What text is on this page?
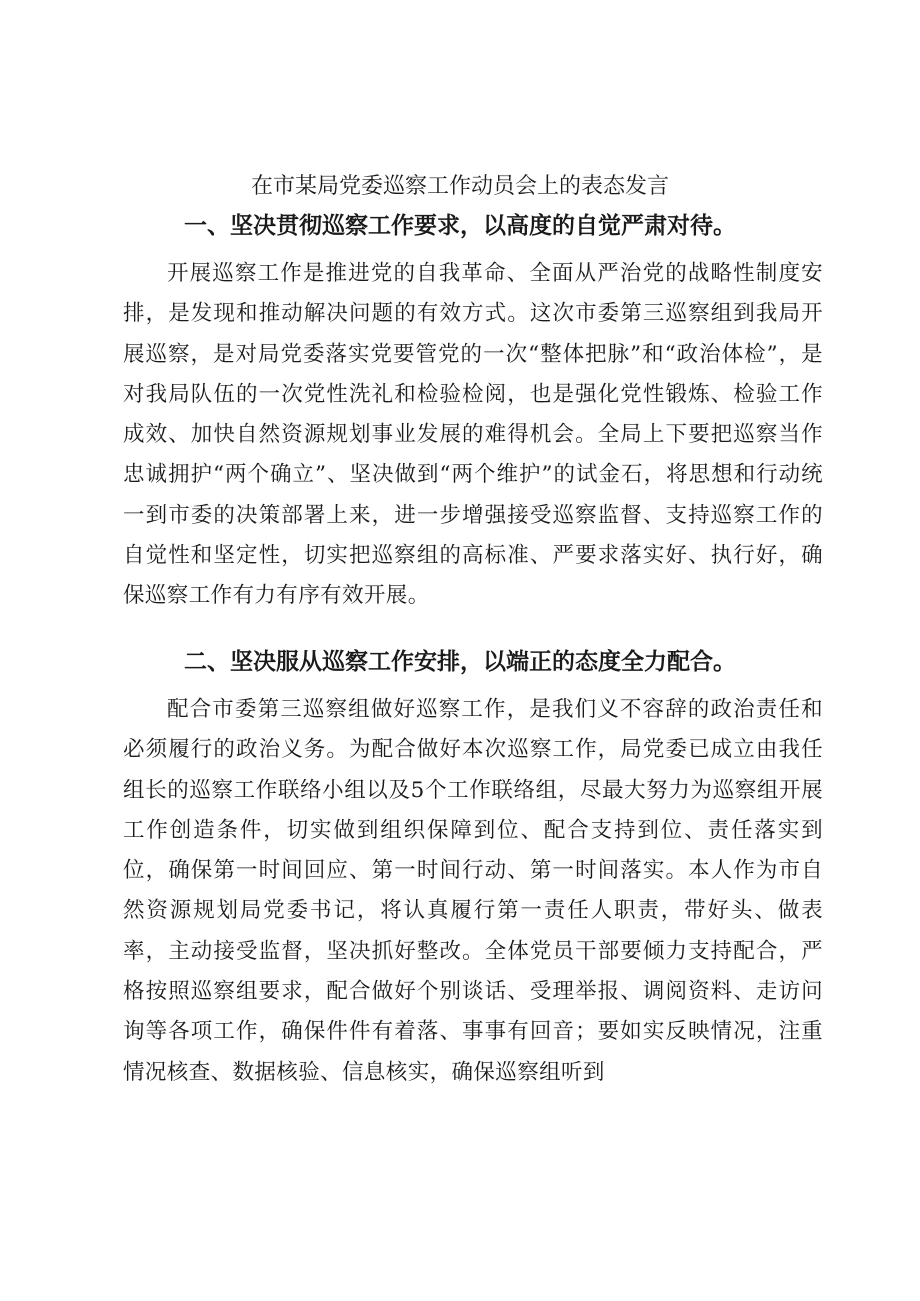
在市某局党委巡察工作动员会上的表态发言
一、坚决贯彻巡察工作要求，以高度的自觉严肃对待。

开展巡察工作是推进党的自我革命、全面从严治党的战略性制度安排，是发现和推动解决问题的有效方式。这次市委第三巡察组到我局开展巡察，是对局党委落实党要管党的一次“整体把脉”和“政治体检”，是对我局队伍的一次党性洗礼和检验检阅，也是强化党性锻炼、检验工作成效、加快自然资源规划事业发展的难得机会。全局上下要把巡察当作忠诚拥护“两个确立”、坚决做到“两个维护”的试金石，将思想和行动统一到市委的决策部署上来，进一步增强接受巡察监督、支持巡察工作的自觉性和坚定性，切实把巡察组的高标准、严要求落实好、执行好，确保巡察工作有力有序有效开展。

二、坚决服从巡察工作安排，以端正的态度全力配合。

配合市委第三巡察组做好巡察工作，是我们义不容辞的政治责任和必须履行的政治义务。为配合做好本次巡察工作，局党委已成立由我任组长的巡察工作联络小组以及5个工作联络组，尽最大努力为巡察组开展工作创造条件，切实做到组织保障到位、配合支持到位、责任落实到位，确保第一时间回应、第一时间行动、第一时间落实。本人作为市自然资源规划局党委书记，将认真履行第一责任人职责，带好头、做表率，主动接受监督，坚决抓好整改。全体党员干部要倾力支持配合，严格按照巡察组要求，配合做好个别谈话、受理举报、调阅资料、走访问询等各项工作，确保件件有着落、事事有回音；要如实反映情况，注重情况核查、数据核验、信息核实，确保巡察组听到
